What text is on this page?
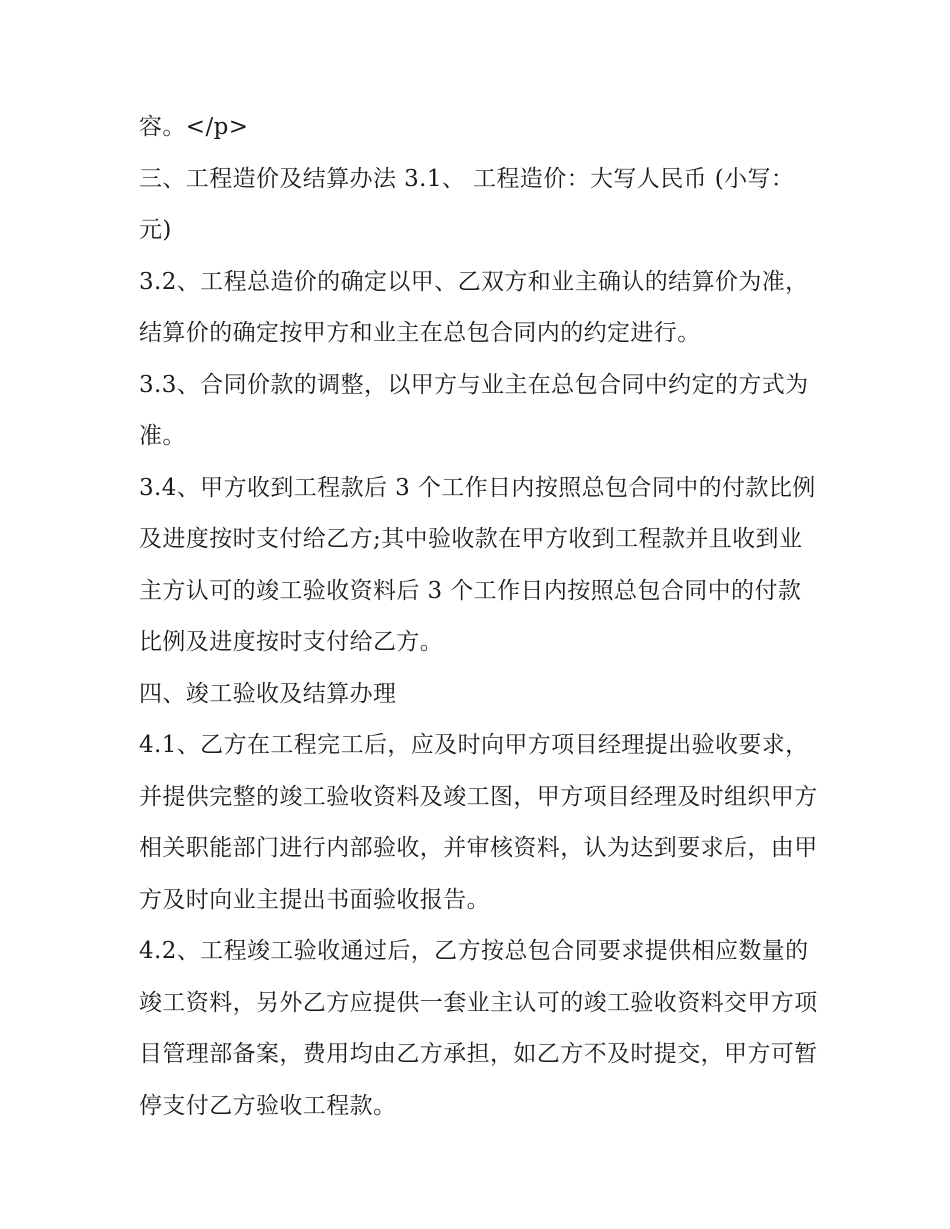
容。</p>

三、工程造价及结算办法 3.1、 工程造价：大写人民币 (小写：元)

3.2、工程总造价的确定以甲、乙双方和业主确认的结算价为准，结算价的确定按甲方和业主在总包合同内的约定进行。

3.3、合同价款的调整，以甲方与业主在总包合同中约定的方式为准。

3.4、甲方收到工程款后 3 个工作日内按照总包合同中的付款比例及进度按时支付给乙方;其中验收款在甲方收到工程款并且收到业主方认可的竣工验收资料后 3 个工作日内按照总包合同中的付款比例及进度按时支付给乙方。

四、竣工验收及结算办理

4.1、乙方在工程完工后，应及时向甲方项目经理提出验收要求，并提供完整的竣工验收资料及竣工图，甲方项目经理及时组织甲方相关职能部门进行内部验收，并审核资料，认为达到要求后，由甲方及时向业主提出书面验收报告。

4.2、工程竣工验收通过后，乙方按总包合同要求提供相应数量的竣工资料，另外乙方应提供一套业主认可的竣工验收资料交甲方项目管理部备案，费用均由乙方承担，如乙方不及时提交，甲方可暂停支付乙方验收工程款。
